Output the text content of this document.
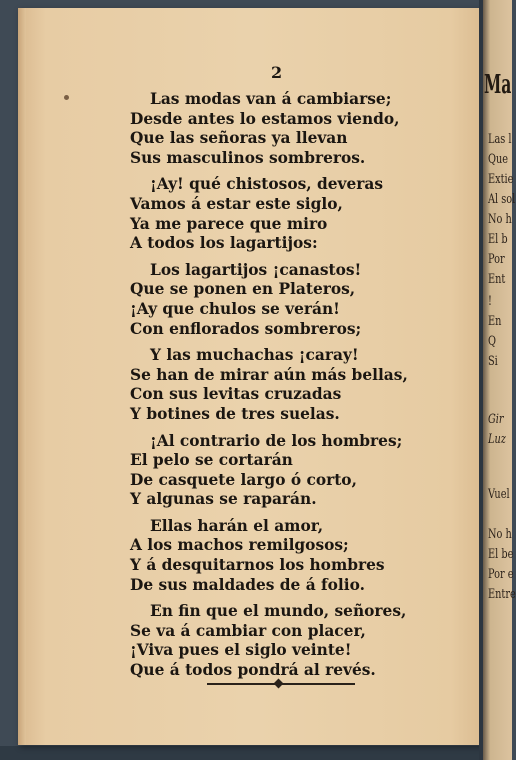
2
Las modas van á cambiarse;
Desde antes lo estamos viendo,
Que las señoras ya llevan
Sus masculinos sombreros.
¡Ay! qué chistosos, deveras
Vamos á estar este siglo,
Ya me parece que miro
A todos los lagartijos:
Los lagartijos ¡canastos!
Que se ponen en Plateros,
¡Ay que chulos se verán!
Con enflorados sombreros;
Y las muchachas ¡caray!
Se han de mirar aún más bellas,
Con sus levitas cruzadas
Y botines de tres suelas.
¡Al contrario de los hombres;
El pelo se cortarán
De casquete largo ó corto,
Y algunas se raparán.
Ellas harán el amor,
A los machos remilgosos;
Y á desquitarnos los hombres
De sus maldades de á folio.
En fin que el mundo, señores,
Se va á cambiar con placer,
¡Viva pues el siglo veinte!
Que á todos pondrá al revés.
Ma
Las l
Que
Extie
Al sol
No h
El b
Por
Ent
!
En
Q
Si
Gir
Luz
Vuel
No h
El be
Por e
Entre
